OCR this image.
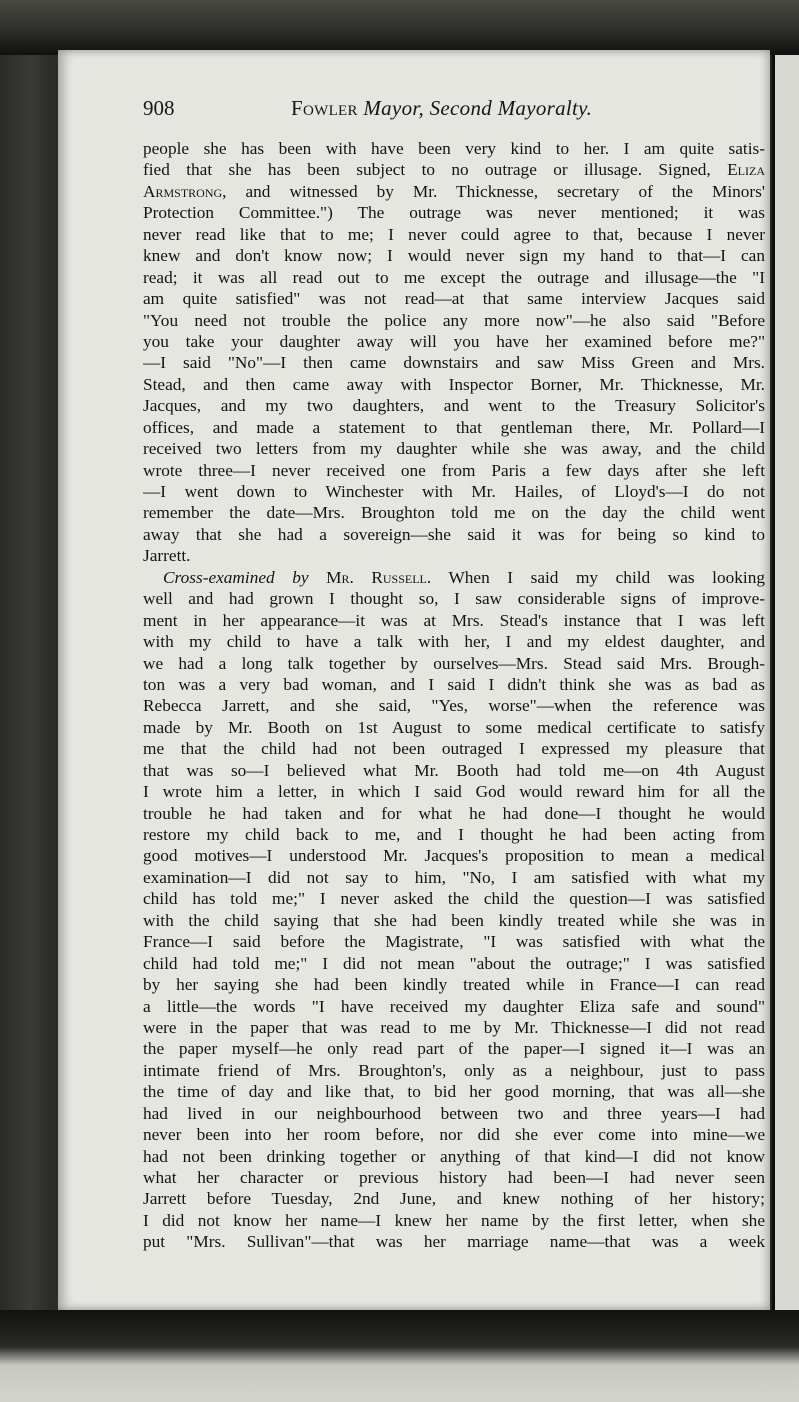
908	Fowler Mayor, Second Mayoralty.
people she has been with have been very kind to her. I am quite satis-
fied that she has been subject to no outrage or illusage. Signed, Eliza
Armstrong, and witnessed by Mr. Thicknesse, secretary of the Minors'
Protection Committee.") The outrage was never mentioned; it was
never read like that to me; I never could agree to that, because I never
knew and don't know now; I would never sign my hand to that—I can
read; it was all read out to me except the outrage and illusage—the "I
am quite satisfied" was not read—at that same interview Jacques said
"You need not trouble the police any more now"—he also said "Before
you take your daughter away will you have her examined before me?"
—I said "No"—I then came downstairs and saw Miss Green and Mrs.
Stead, and then came away with Inspector Borner, Mr. Thicknesse, Mr.
Jacques, and my two daughters, and went to the Treasury Solicitor's
offices, and made a statement to that gentleman there, Mr. Pollard—I
received two letters from my daughter while she was away, and the child
wrote three—I never received one from Paris a few days after she left
—I went down to Winchester with Mr. Hailes, of Lloyd's—I do not
remember the date—Mrs. Broughton told me on the day the child went
away that she had a sovereign—she said it was for being so kind to
Jarrett.
Cross-examined by Mr. Russell. When I said my child was looking
well and had grown I thought so, I saw considerable signs of improve-
ment in her appearance—it was at Mrs. Stead's instance that I was left
with my child to have a talk with her, I and my eldest daughter, and
we had a long talk together by ourselves—Mrs. Stead said Mrs. Brough-
ton was a very bad woman, and I said I didn't think she was as bad as
Rebecca Jarrett, and she said, "Yes, worse"—when the reference was
made by Mr. Booth on 1st August to some medical certificate to satisfy
me that the child had not been outraged I expressed my pleasure that
that was so—I believed what Mr. Booth had told me—on 4th August
I wrote him a letter, in which I said God would reward him for all the
trouble he had taken and for what he had done—I thought he would
restore my child back to me, and I thought he had been acting from
good motives—I understood Mr. Jacques's proposition to mean a medical
examination—I did not say to him, "No, I am satisfied with what my
child has told me;" I never asked the child the question—I was satisfied
with the child saying that she had been kindly treated while she was in
France—I said before the Magistrate, "I was satisfied with what the
child had told me;" I did not mean "about the outrage;" I was satisfied
by her saying she had been kindly treated while in France—I can read
a little—the words "I have received my daughter Eliza safe and sound"
were in the paper that was read to me by Mr. Thicknesse—I did not read
the paper myself—he only read part of the paper—I signed it—I was an
intimate friend of Mrs. Broughton's, only as a neighbour, just to pass
the time of day and like that, to bid her good morning, that was all—she
had lived in our neighbourhood between two and three years—I had
never been into her room before, nor did she ever come into mine—we
had not been drinking together or anything of that kind—I did not know
what her character or previous history had been—I had never seen
Jarrett before Tuesday, 2nd June, and knew nothing of her history;
I did not know her name—I knew her name by the first letter, when she
put "Mrs. Sullivan"—that was her marriage name—that was a week
